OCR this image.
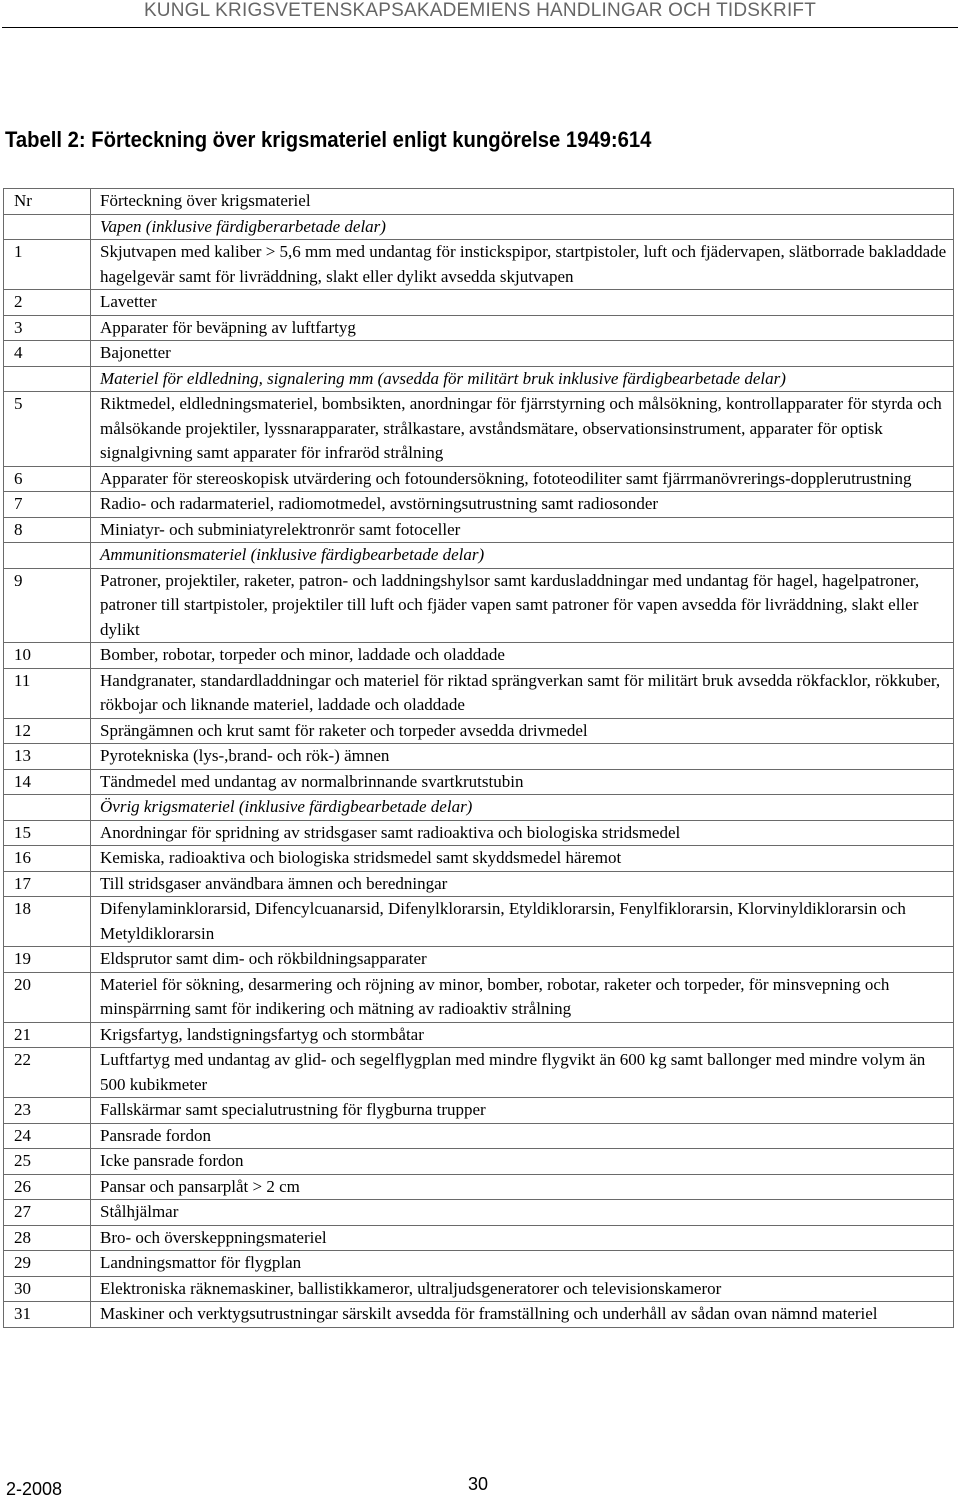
KUNGL KRIGSVETENSKAPSAKADEMIENS HANDLINGAR OCH TIDSKRIFT
Tabell 2: Förteckning över krigsmateriel enligt kungörelse 1949:614
Nr	Förteckning över krigsmateriel
	Vapen (inklusive färdigberarbetade delar)
1	Skjutvapen med kaliber > 5,6 mm med undantag för instickspipor, startpistoler, luft och fjädervapen, slätborrade bakladdade hagelgevär samt för livräddning, slakt eller dylikt avsedda skjutvapen
2	Lavetter
3	Apparater för beväpning av luftfartyg
4	Bajonetter
	Materiel för eldledning, signalering mm (avsedda för militärt bruk inklusive färdigbearbetade delar)
5	Riktmedel, eldledningsmateriel, bombsikten, anordningar för fjärrstyrning och målsökning, kontrollapparater för styrda och målsökande projektiler, lyssnarapparater, strålkastare, avståndsmätare, observationsinstrument, apparater för optisk signalgivning samt apparater för infraröd strålning
6	Apparater för stereoskopisk utvärdering och fotoundersökning, fototeodiliter samt fjärrmanövrerings-dopplerutrustning
7	Radio- och radarmateriel, radiomotmedel, avstörningsutrustning samt radiosonder
8	Miniatyr- och subminiatyrelektronrör samt fotoceller
	Ammunitionsmateriel (inklusive färdigbearbetade delar)
9	Patroner, projektiler, raketer, patron- och laddningshylsor samt kardusladdningar med undantag för hagel, hagelpatroner, patroner till startpistoler, projektiler till luft och fjäder vapen samt patroner för vapen avsedda för livräddning, slakt eller dylikt
10	Bomber, robotar, torpeder och minor, laddade och oladdade
11	Handgranater, standardladdningar och materiel för riktad sprängverkan samt för militärt bruk avsedda rökfacklor, rökkuber, rökbojar och liknande materiel, laddade och oladdade
12	Sprängämnen och krut samt för raketer och torpeder avsedda drivmedel
13	Pyrotekniska (lys-,brand- och rök-) ämnen
14	Tändmedel med undantag av normalbrinnande svartkrutstubin
	Övrig krigsmateriel (inklusive färdigbearbetade delar)
15	Anordningar för spridning av stridsgaser samt radioaktiva och biologiska stridsmedel
16	Kemiska, radioaktiva och biologiska stridsmedel samt skyddsmedel häremot
17	Till stridsgaser användbara ämnen och beredningar
18	Difenylaminklorarsid, Difencylcuanarsid, Difenylklorarsin, Etyldiklorarsin, Fenylfiklorarsin, Klorvinyldiklorarsin och Metyldiklorarsin
19	Eldsprutor samt dim- och rökbildningsapparater
20	Materiel för sökning, desarmering och röjning av minor, bomber, robotar, raketer och torpeder, för minsvepning och minspärrning samt för indikering och mätning av radioaktiv strålning
21	Krigsfartyg, landstigningsfartyg och stormbåtar
22	Luftfartyg med undantag av glid- och segelflygplan med mindre flygvikt än 600 kg samt ballonger med mindre volym än 500 kubikmeter
23	Fallskärmar samt specialutrustning för flygburna trupper
24	Pansrade fordon
25	Icke pansrade fordon
26	Pansar och pansarplåt > 2 cm
27	Stålhjälmar
28	Bro- och överskeppningsmateriel
29	Landningsmattor för flygplan
30	Elektroniska räknemaskiner, ballistikkameror, ultraljudsgeneratorer och televisionskameror
31	Maskiner och verktygsutrustningar särskilt avsedda för framställning och underhåll av sådan ovan nämnd materiel
2-2008	30
